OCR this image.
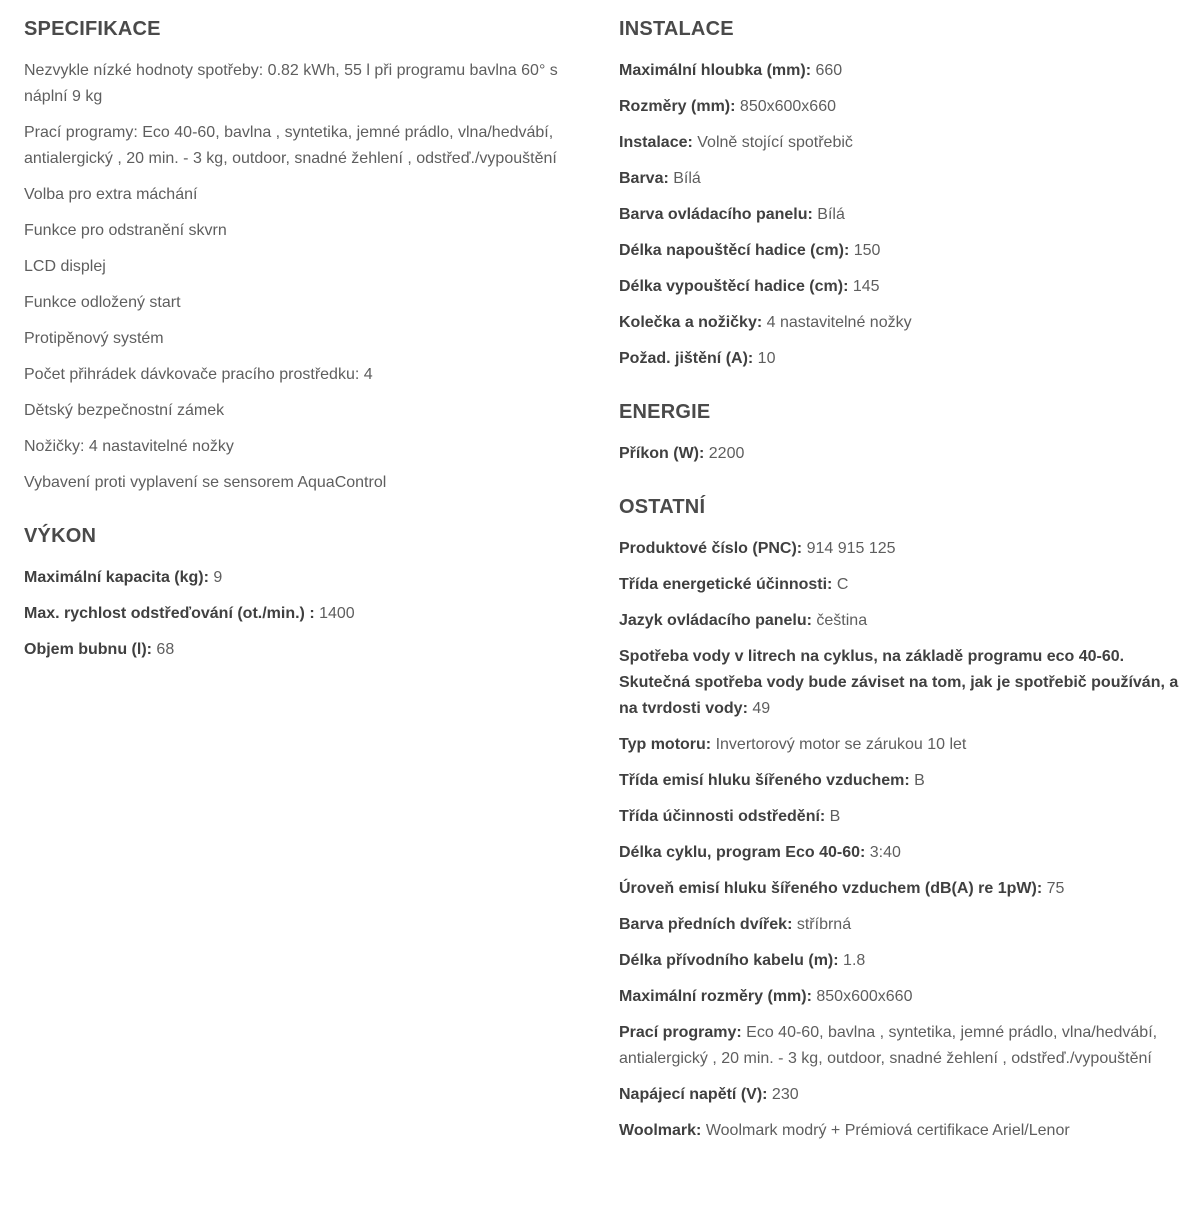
SPECIFIKACE
Nezvykle nízké hodnoty spotřeby: 0.82 kWh, 55 l při programu bavlna 60° s náplní 9 kg
Prací programy: Eco 40-60, bavlna , syntetika, jemné prádlo, vlna/hedvábí, antialergický , 20 min. - 3 kg, outdoor, snadné žehlení , odstřeď./vypouštění
Volba pro extra máchání
Funkce pro odstranění skvrn
LCD displej
Funkce odložený start
Protipěnový systém
Počet přihrádek dávkovače pracího prostředku: 4
Dětský bezpečnostní zámek
Nožičky: 4 nastavitelné nožky
Vybavení proti vyplavení se sensorem AquaControl
VÝKON
Maximální kapacita (kg): 9
Max. rychlost odstřeďování (ot./min.) : 1400
Objem bubnu (l): 68
INSTALACE
Maximální hloubka (mm): 660
Rozměry (mm): 850x600x660
Instalace: Volně stojící spotřebič
Barva: Bílá
Barva ovládacího panelu: Bílá
Délka napouštěcí hadice (cm): 150
Délka vypouštěcí hadice (cm): 145
Kolečka a nožičky: 4 nastavitelné nožky
Požad. jištění (A): 10
ENERGIE
Příkon (W): 2200
OSTATNÍ
Produktové číslo (PNC): 914 915 125
Třída energetické účinnosti: C
Jazyk ovládacího panelu: čeština
Spotřeba vody v litrech na cyklus, na základě programu eco 40-60. Skutečná spotřeba vody bude záviset na tom, jak je spotřebič používán, a na tvrdosti vody: 49
Typ motoru: Invertorový motor se zárukou 10 let
Třída emisí hluku šířeného vzduchem: B
Třída účinnosti odstředění: B
Délka cyklu, program Eco 40-60: 3:40
Úroveň emisí hluku šířeného vzduchem (dB(A) re 1pW): 75
Barva předních dvířek: stříbrná
Délka přívodního kabelu (m): 1.8
Maximální rozměry (mm): 850x600x660
Prací programy: Eco 40-60, bavlna , syntetika, jemné prádlo, vlna/hedvábí, antialergický , 20 min. - 3 kg, outdoor, snadné žehlení , odstřeď./vypouštění
Napájecí napětí (V): 230
Woolmark: Woolmark modrý + Prémiová certifikace Ariel/Lenor
